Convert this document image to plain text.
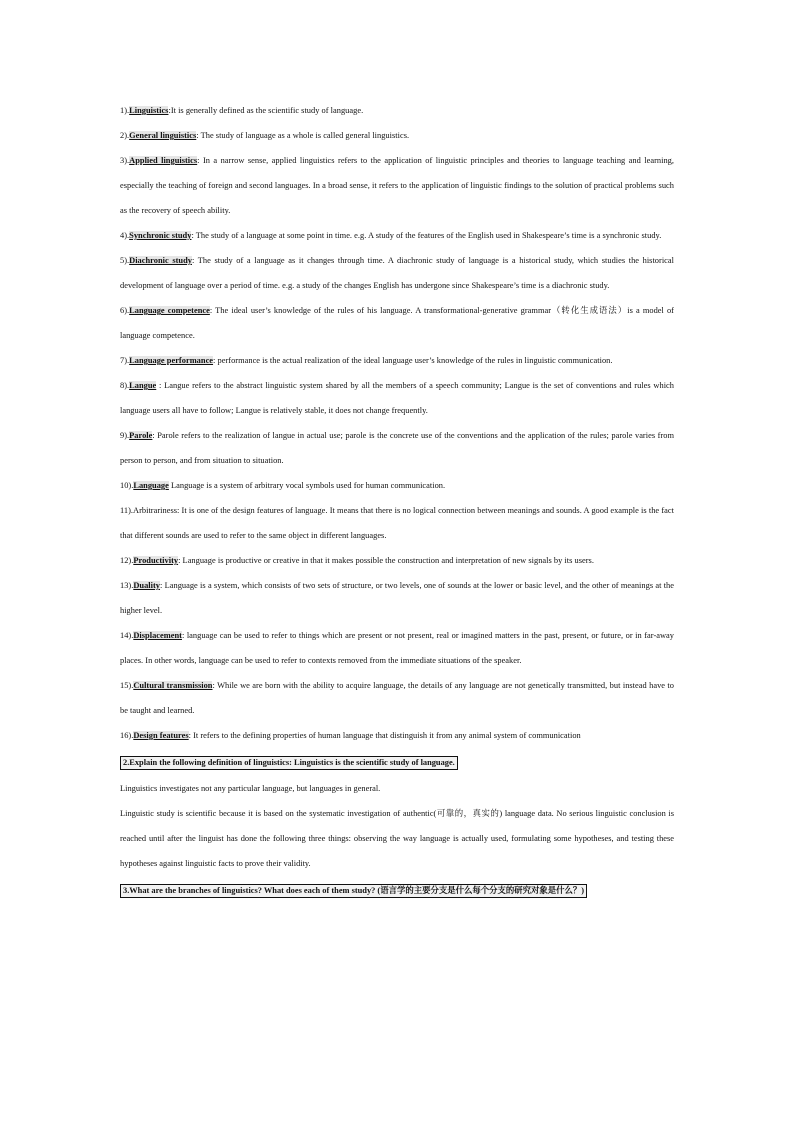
1).Linguistics:It is generally defined as the scientific study of language.

2).General linguistics: The study of language as a whole is called general linguistics.

3).Applied linguistics: In a narrow sense, applied linguistics refers to the application of linguistic principles and theories to language teaching and learning, especially the teaching of foreign and second languages. In a broad sense, it refers to the application of linguistic findings to the solution of practical problems such as the recovery of speech ability.

4).Synchronic study: The study of a language at some point in time. e.g. A study of the features of the English used in Shakespeare’s time is a synchronic study.

5).Diachronic study: The study of a language as it changes through time. A diachronic study of language is a historical study, which studies the historical development of language over a period of time. e.g. a study of the changes English has undergone since Shakespeare’s time is a diachronic study.

6).Language competence: The ideal user’s knowledge of the rules of his language. A transformational-generative grammar（转化生成语法）is a model of language competence.

7).Language performance: performance is the actual realization of the ideal language user’s knowledge of the rules in linguistic communication.

8).Langue : Langue refers to the abstract linguistic system shared by all the members of a speech community; Langue is the set of conventions and rules which language users all have to follow; Langue is relatively stable, it does not change frequently.

9).Parole: Parole refers to the realization of langue in actual use; parole is the concrete use of the conventions and the application of the rules; parole varies from person to person, and from situation to situation.

10).Language Language is a system of arbitrary vocal symbols used for human communication.

11).Arbitrariness: It is one of the design features of language. It means that there is no logical connection between meanings and sounds. A good example is the fact that different sounds are used to refer to the same object in different languages.

12).Productivity: Language is productive or creative in that it makes possible the construction and interpretation of new signals by its users.

13).Duality: Language is a system, which consists of two sets of structure, or two levels, one of sounds at the lower or basic level, and the other of meanings at the higher level.

14).Displacement: language can be used to refer to things which are present or not present, real or imagined matters in the past, present, or future, or in far-away places. In other words, language can be used to refer to contexts removed from the immediate situations of the speaker.

15).Cultural transmission: While we are born with the ability to acquire language, the details of any language are not genetically transmitted, but instead have to be taught and learned.

16).Design features: It refers to the defining properties of human language that distinguish it from any animal system of communication

2.Explain the following definition of linguistics: Linguistics is the scientific study of language.

Linguistics investigates not any particular language, but languages in general.

Linguistic study is scientific because it is based on the systematic investigation of authentic(可靠的，真实的) language data. No serious linguistic conclusion is reached until after the linguist has done the following three things: observing the way language is actually used, formulating some hypotheses, and testing these hypotheses against linguistic facts to prove their validity.

3.What are the branches of linguistics? What does each of them study? (语言学的主要分支是什么每个分支的研究对象是什么？)
